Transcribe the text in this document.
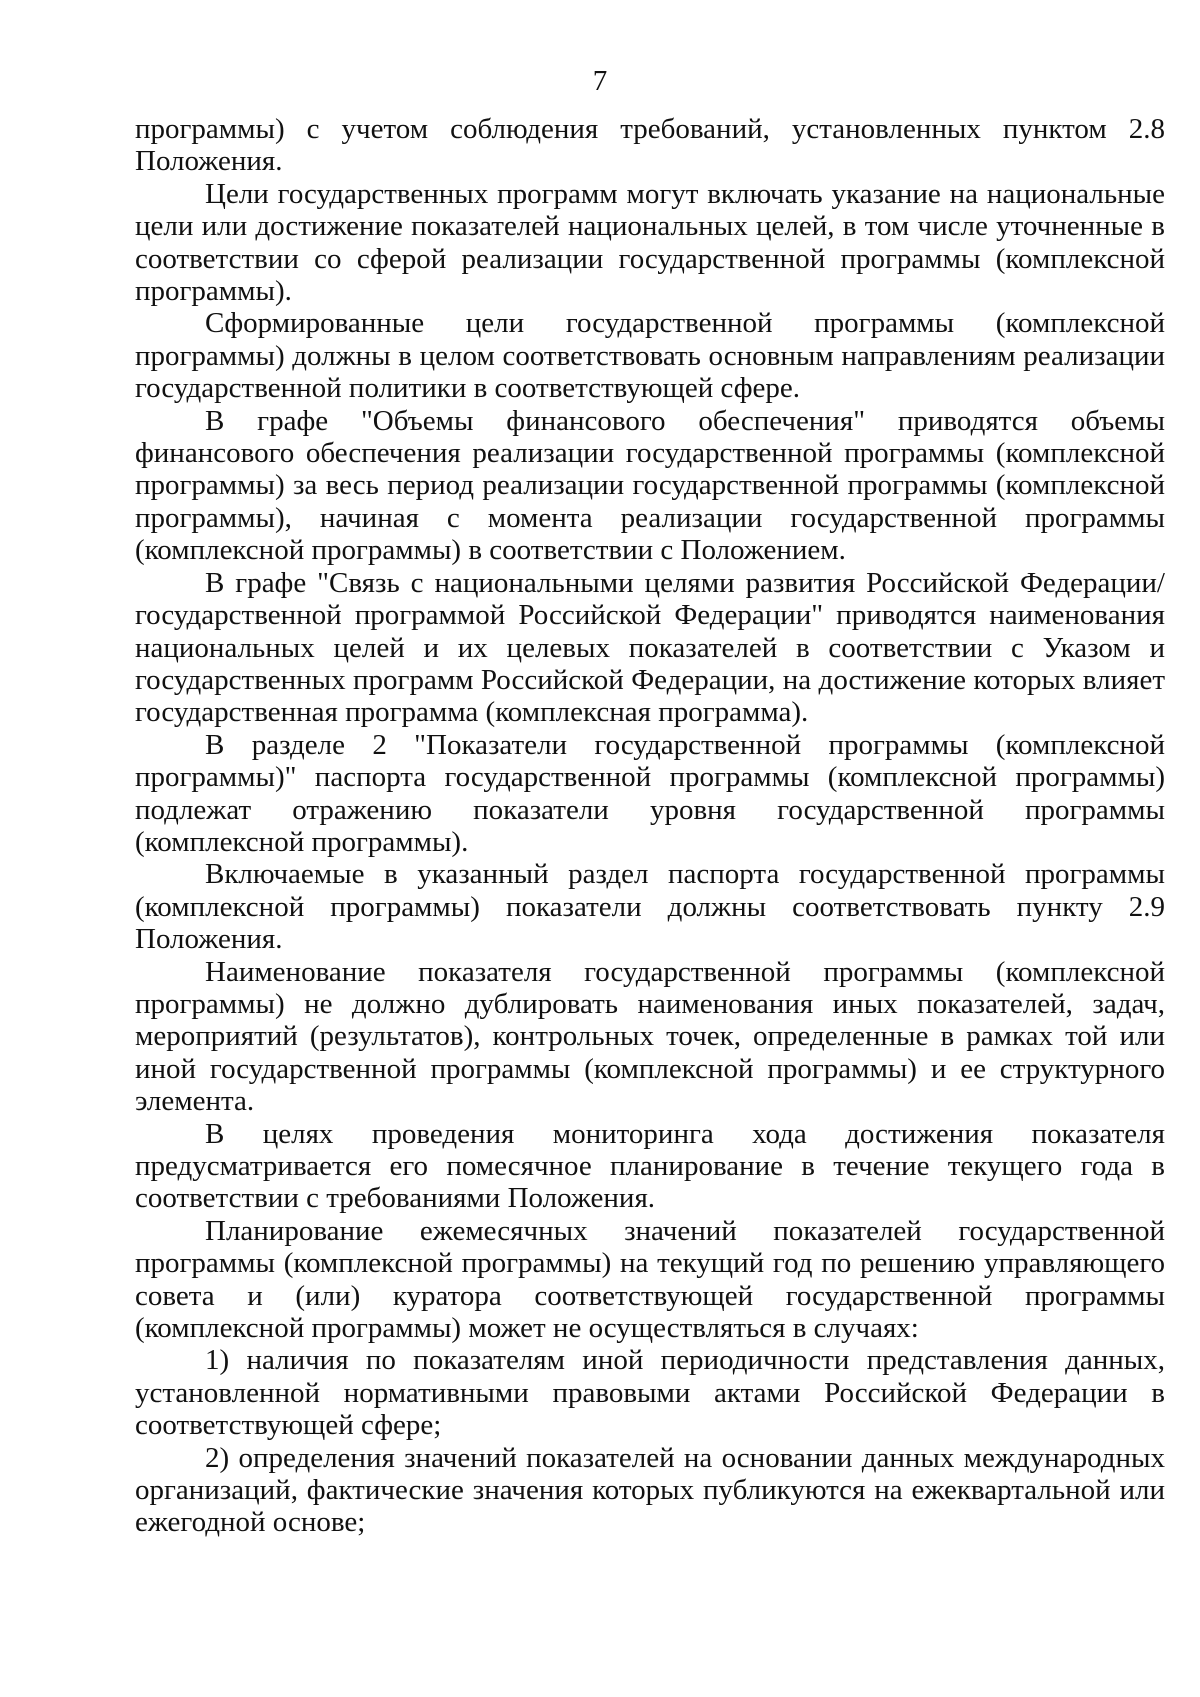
7

программы) с учетом соблюдения требований, установленных пунктом 2.8 Положения.

Цели государственных программ могут включать указание на национальные цели или достижение показателей национальных целей, в том числе уточненные в соответствии со сферой реализации государственной программы (комплексной программы).

Сформированные цели государственной программы (комплексной программы) должны в целом соответствовать основным направлениям реализации государственной политики в соответствующей сфере.

В графе "Объемы финансового обеспечения" приводятся объемы финансового обеспечения реализации государственной программы (комплексной программы) за весь период реализации государственной программы (комплексной программы), начиная с момента реализации государственной программы (комплексной программы) в соответствии с Положением.

В графе "Связь с национальными целями развития Российской Федерации/ государственной программой Российской Федерации" приводятся наименования национальных целей и их целевых показателей в соответствии с Указом и государственных программ Российской Федерации, на достижение которых влияет государственная программа (комплексная программа).

В разделе 2 "Показатели государственной программы (комплексной программы)" паспорта государственной программы (комплексной программы) подлежат отражению показатели уровня государственной программы (комплексной программы).

Включаемые в указанный раздел паспорта государственной программы (комплексной программы) показатели должны соответствовать пункту 2.9 Положения.

Наименование показателя государственной программы (комплексной программы) не должно дублировать наименования иных показателей, задач, мероприятий (результатов), контрольных точек, определенные в рамках той или иной государственной программы (комплексной программы) и ее структурного элемента.

В целях проведения мониторинга хода достижения показателя предусматривается его помесячное планирование в течение текущего года в соответствии с требованиями Положения.

Планирование ежемесячных значений показателей государственной программы (комплексной программы) на текущий год по решению управляющего совета и (или) куратора соответствующей государственной программы (комплексной программы) может не осуществляться в случаях:

1) наличия по показателям иной периодичности представления данных, установленной нормативными правовыми актами Российской Федерации в соответствующей сфере;

2) определения значений показателей на основании данных международных организаций, фактические значения которых публикуются на ежеквартальной или ежегодной основе;
